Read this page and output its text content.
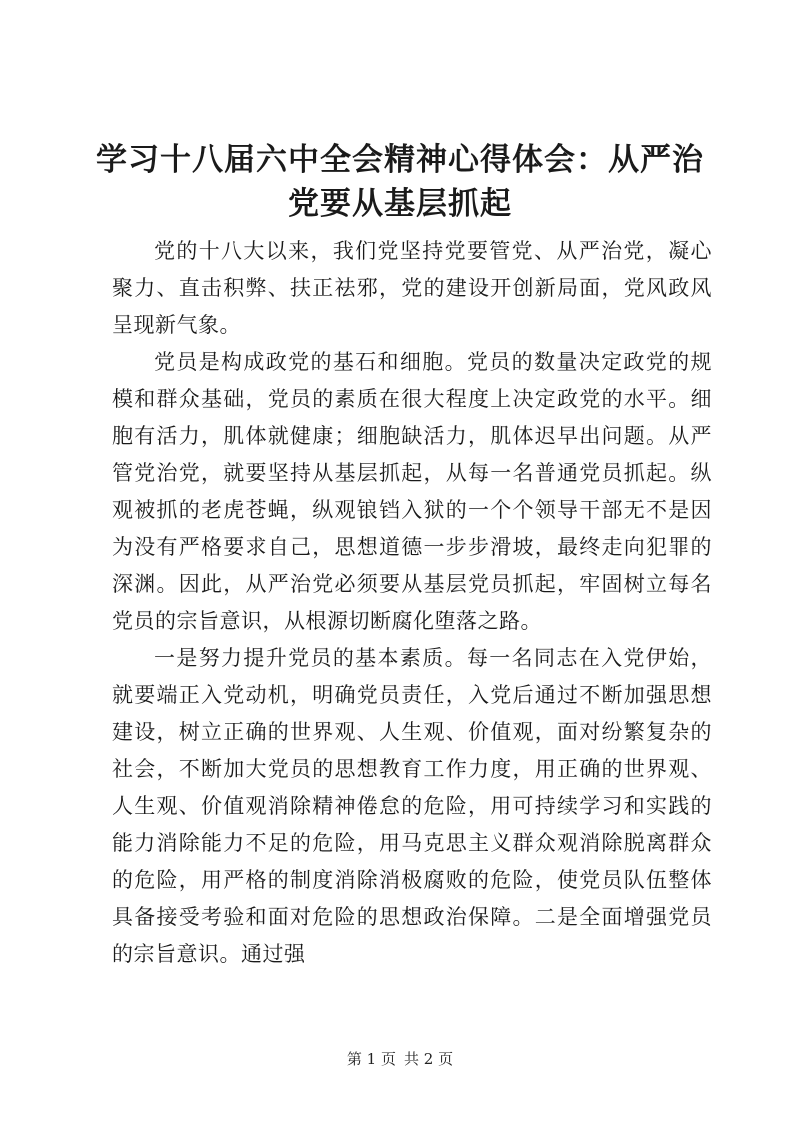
学习十八届六中全会精神心得体会：从严治党要从基层抓起

党的十八大以来，我们党坚持党要管党、从严治党，凝心聚力、直击积弊、扶正祛邪，党的建设开创新局面，党风政风呈现新气象。

党员是构成政党的基石和细胞。党员的数量决定政党的规模和群众基础，党员的素质在很大程度上决定政党的水平。细胞有活力，肌体就健康；细胞缺活力，肌体迟早出问题。从严管党治党，就要坚持从基层抓起，从每一名普通党员抓起。纵观被抓的老虎苍蝇，纵观锒铛入狱的一个个领导干部无不是因为没有严格要求自己，思想道德一步步滑坡，最终走向犯罪的深渊。因此，从严治党必须要从基层党员抓起，牢固树立每名党员的宗旨意识，从根源切断腐化堕落之路。

一是努力提升党员的基本素质。每一名同志在入党伊始，就要端正入党动机，明确党员责任，入党后通过不断加强思想建设，树立正确的世界观、人生观、价值观，面对纷繁复杂的社会，不断加大党员的思想教育工作力度，用正确的世界观、人生观、价值观消除精神倦怠的危险，用可持续学习和实践的能力消除能力不足的危险，用马克思主义群众观消除脱离群众的危险，用严格的制度消除消极腐败的危险，使党员队伍整体具备接受考验和面对危险的思想政治保障。二是全面增强党员的宗旨意识。通过强

第 1 页 共 2 页
